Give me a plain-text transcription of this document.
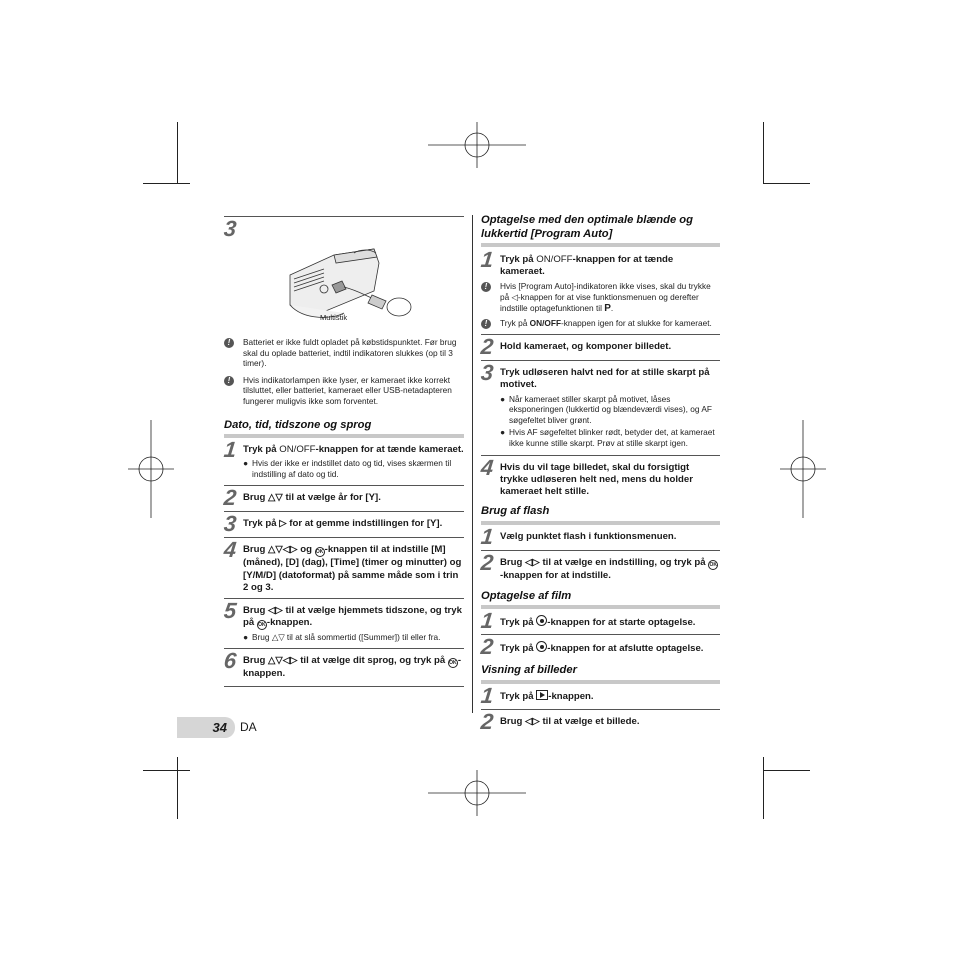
3
Multistik
!	Batteriet er ikke fuldt opladet på købstidspunktet. Før brug skal du oplade batteriet, indtil indikatoren slukkes (op til 3 timer).
!	Hvis indikatorlampen ikke lyser, er kameraet ikke korrekt tilsluttet, eller batteriet, kameraet eller USB-netadapteren fungerer muligvis ikke som forventet.
Dato, tid, tidszone og sprog
1 Tryk på ON/OFF-knappen for at tænde kameraet.
● Hvis der ikke er indstillet dato og tid, vises skærmen til indstilling af dato og tid.
2 Brug △▽ til at vælge år for [Y].
3 Tryk på ▷ for at gemme indstillingen for [Y].
4 Brug △▽◁▷ og OK-knappen til at indstille [M] (måned), [D] (dag), [Time] (timer og minutter) og [Y/M/D] (datoformat) på samme måde som i trin 2 og 3.
5 Brug ◁▷ til at vælge hjemmets tidszone, og tryk på OK-knappen.
● Brug △▽ til at slå sommertid ([Summer]) til eller fra.
6 Brug △▽◁▷ til at vælge dit sprog, og tryk på OK-knappen.
Optagelse med den optimale blænde og lukkertid [Program Auto]
1 Tryk på ON/OFF-knappen for at tænde kameraet.
!	Hvis [Program Auto]-indikatoren ikke vises, skal du trykke på ◁-knappen for at vise funktionsmenuen og derefter indstille optagefunktionen til P.
!	Tryk på ON/OFF-knappen igen for at slukke for kameraet.
2 Hold kameraet, og komponer billedet.
3 Tryk udløseren halvt ned for at stille skarpt på motivet.
● Når kameraet stiller skarpt på motivet, låses eksponeringen (lukkertid og blændeværdi vises), og AF søgefeltet bliver grønt.
● Hvis AF søgefeltet blinker rødt, betyder det, at kameraet ikke kunne stille skarpt. Prøv at stille skarpt igen.
4 Hvis du vil tage billedet, skal du forsigtigt trykke udløseren helt ned, mens du holder kameraet helt stille.
Brug af flash
1 Vælg punktet flash i funktionsmenuen.
2 Brug ◁▷ til at vælge en indstilling, og tryk på OK-knappen for at indstille.
Optagelse af film
1 Tryk på -knappen for at starte optagelse.
2 Tryk på -knappen for at afslutte optagelse.
Visning af billeder
1 Tryk på -knappen.
2 Brug ◁▷ til at vælge et billede.
34 DA
